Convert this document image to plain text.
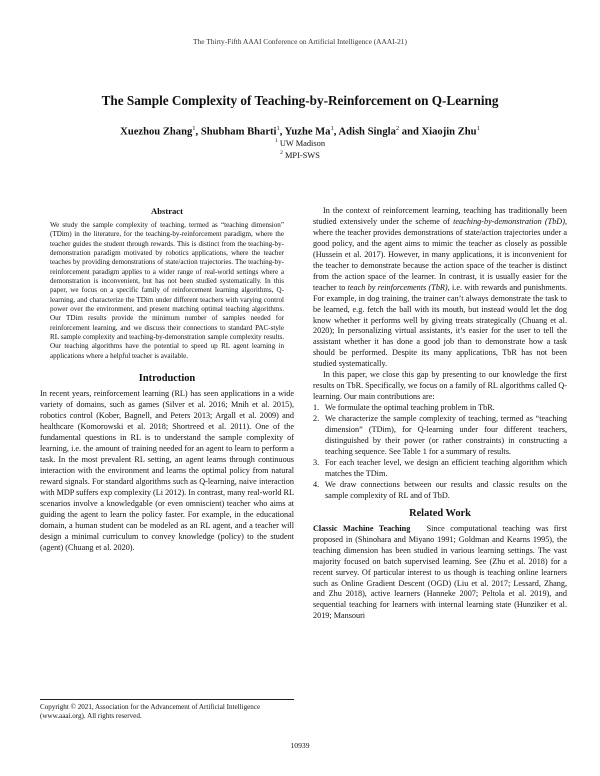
The Thirty-Fifth AAAI Conference on Artificial Intelligence (AAAI-21)
The Sample Complexity of Teaching-by-Reinforcement on Q-Learning
Xuezhou Zhang$^1$, Shubham Bharti$^1$, Yuzhe Ma$^1$, Adish Singla$^2$ and Xiaojin Zhu$^1$
$^1$ UW Madison
$^2$ MPI-SWS
Abstract

We study the sample complexity of teaching, termed as “teaching dimension” (TDim) in the literature, for the teaching-by-reinforcement paradigm, where the teacher guides the student through rewards. This is distinct from the teaching-by-demonstration paradigm motivated by robotics applications, where the teacher teaches by providing demonstrations of state/action trajectories. The teaching-by-reinforcement paradigm applies to a wider range of real-world settings where a demonstration is inconvenient, but has not been studied systematically. In this paper, we focus on a specific family of reinforcement learning algorithms, Q-learning, and characterize the TDim under different teachers with varying control power over the environment, and present matching optimal teaching algorithms. Our TDim results provide the minimum number of samples needed for reinforcement learning, and we discuss their connections to standard PAC-style RL sample complexity and teaching-by-demonstration sample complexity results. Our teaching algorithms have the potential to speed up RL agent learning in applications where a helpful teacher is available.

Introduction

In recent years, reinforcement learning (RL) has seen applications in a wide variety of domains, such as games (Silver et al. 2016; Mnih et al. 2015), robotics control (Kober, Bagnell, and Peters 2013; Argall et al. 2009) and healthcare (Komorowski et al. 2018; Shortreed et al. 2011). One of the fundamental questions in RL is to understand the sample complexity of learning, i.e. the amount of training needed for an agent to learn to perform a task. In the most prevalent RL setting, an agent learns through continuous interaction with the environment and learns the optimal policy from natural reward signals. For standard algorithms such as Q-learning, naive interaction with MDP suffers exp complexity (Li 2012). In contrast, many real-world RL scenarios involve a knowledgable (or even omniscient) teacher who aims at guiding the agent to learn the policy faster. For example, in the educational domain, a human student can be modeled as an RL agent, and a teacher will design a minimal curriculum to convey knowledge (policy) to the student (agent) (Chuang et al. 2020).

In the context of reinforcement learning, teaching has traditionally been studied extensively under the scheme of teaching-by-demonstration (TbD), where the teacher provides demonstrations of state/action trajectories under a good policy, and the agent aims to mimic the teacher as closely as possible (Hussein et al. 2017). However, in many applications, it is inconvenient for the teacher to demonstrate because the action space of the teacher is distinct from the action space of the learner. In contrast, it is usually easier for the teacher to teach by reinforcements (TbR), i.e. with rewards and punishments. For example, in dog training, the trainer can’t always demonstrate the task to be learned, e.g. fetch the ball with its mouth, but instead would let the dog know whether it performs well by giving treats strategically (Chuang et al. 2020); In personalizing virtual assistants, it’s easier for the user to tell the assistant whether it has done a good job than to demonstrate how a task should be performed. Despite its many applications, TbR has not been studied systematically.

In this paper, we close this gap by presenting to our knowledge the first results on TbR. Specifically, we focus on a family of RL algorithms called Q-learning. Our main contributions are:

1. We formulate the optimal teaching problem in TbR.
2. We characterize the sample complexity of teaching, termed as “teaching dimension” (TDim), for Q-learning under four different teachers, distinguished by their power (or rather constraints) in constructing a teaching sequence. See Table 1 for a summary of results.
3. For each teacher level, we design an efficient teaching algorithm which matches the TDim.
4. We draw connections between our results and classic results on the sample complexity of RL and of TbD.
Related Work

Classic Machine Teaching Since computational teaching was first proposed in (Shinohara and Miyano 1991; Goldman and Kearns 1995), the teaching dimension has been studied in various learning settings. The vast majority focused on batch supervised learning. See (Zhu et al. 2018) for a recent survey. Of particular interest to us though is teaching online learners such as Online Gradient Descent (OGD) (Liu et al. 2017; Lessard, Zhang, and Zhu 2018), active learners (Hanneke 2007; Peltola et al. 2019), and sequential teaching for learners with internal learning state (Hunziker et al. 2019; Mansouri

Copyright © 2021, Association for the Advancement of Artificial Intelligence (www.aaai.org). All rights reserved.
10939
